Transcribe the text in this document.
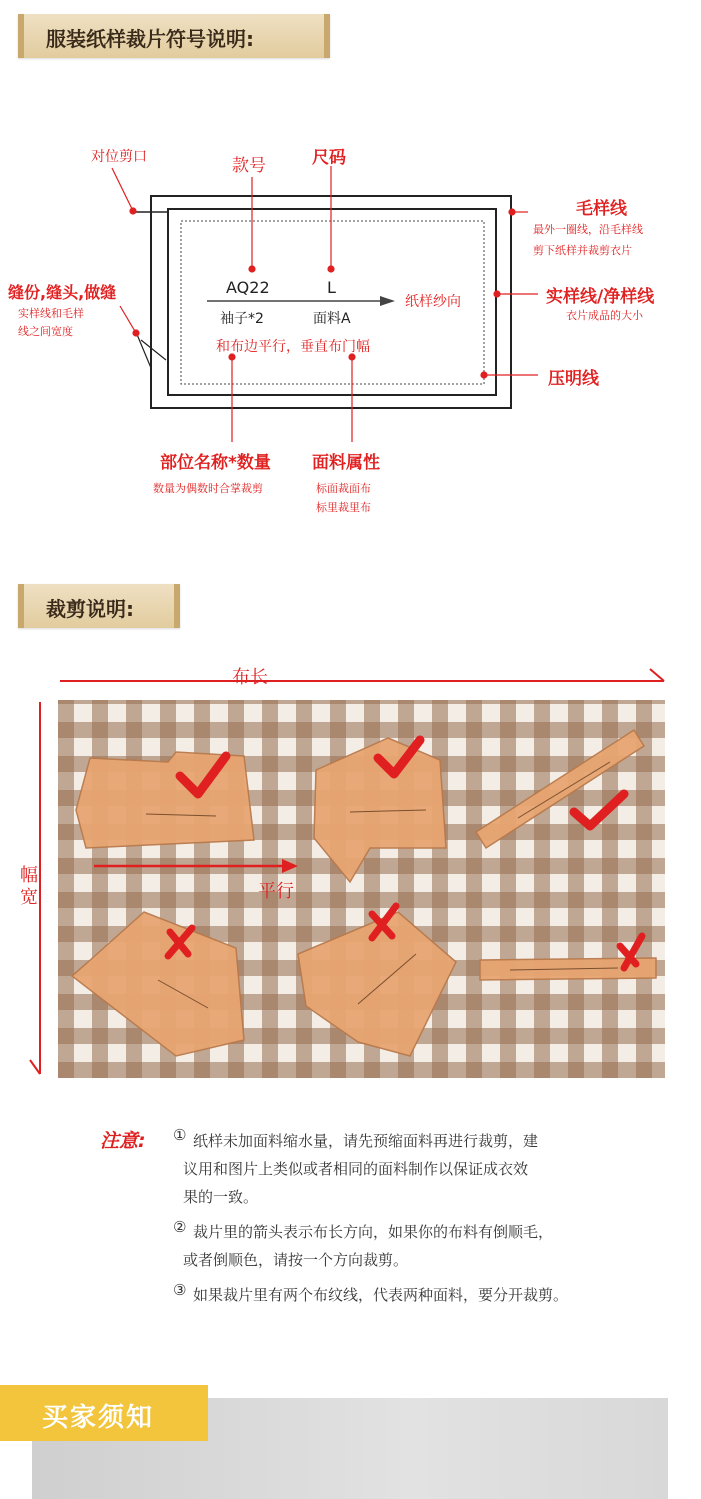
服装纸样裁片符号说明:
对位剪口	款号	尺码
毛样线
最外一圈线，沿毛样线
剪下纸样并裁剪衣片
缝份,缝头,做缝
实样线和毛样
线之间宽度
实样线/净样线
衣片成品的大小
纸样纱向
和布边平行，垂直布门幅
压明线
部位名称*数量
数量为偶数时合掌裁剪
面料属性
标面裁面布
标里裁里布
AQ22	L
袖子*2	面料A
裁剪说明:
布长
幅宽	平行
注意: ① 纸样未加面料缩水量，请先预缩面料再进行裁剪，建
议用和图片上类似或者相同的面料制作以保证成衣效
果的一致。
② 裁片里的箭头表示布长方向，如果你的布料有倒顺毛，
或者倒顺色，请按一个方向裁剪。
③ 如果裁片里有两个布纹线，代表两种面料，要分开裁剪。
买家须知
